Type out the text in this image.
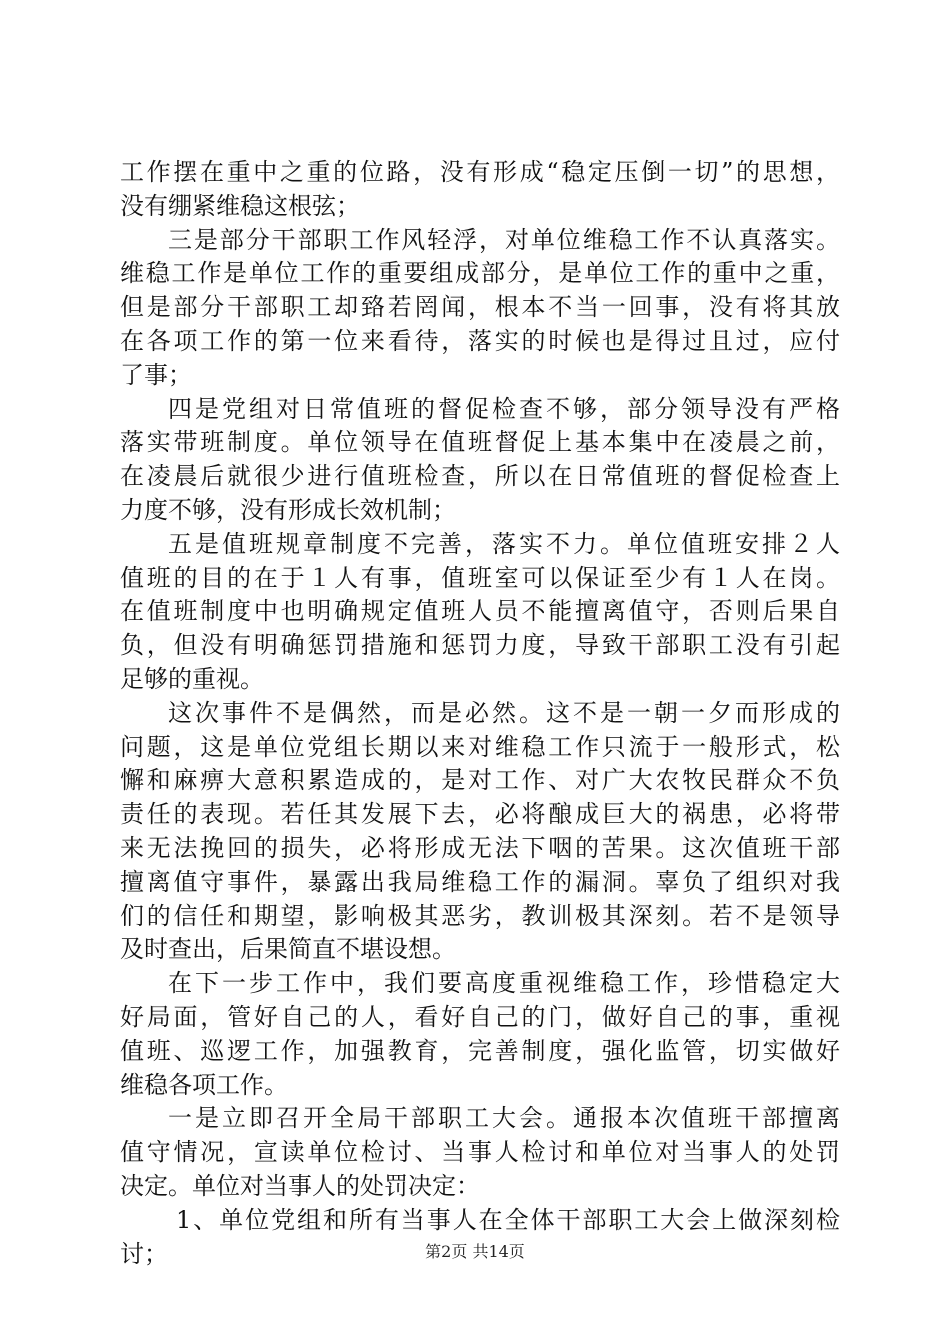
工作摆在重中之重的位路，没有形成“稳定压倒一切”的思想，
没有绷紧维稳这根弦；
三是部分干部职工作风轻浮，对单位维稳工作不认真落实。
维稳工作是单位工作的重要组成部分，是单位工作的重中之重，
但是部分干部职工却臵若罔闻，根本不当一回事，没有将其放
在各项工作的第一位来看待，落实的时候也是得过且过，应付
了事；
四是党组对日常值班的督促检查不够，部分领导没有严格
落实带班制度。单位领导在值班督促上基本集中在凌晨之前，
在凌晨后就很少进行值班检查，所以在日常值班的督促检查上
力度不够，没有形成长效机制；
五是值班规章制度不完善，落实不力。单位值班安排２人
值班的目的在于１人有事，值班室可以保证至少有１人在岗。
在值班制度中也明确规定值班人员不能擅离值守，否则后果自
负，但没有明确惩罚措施和惩罚力度，导致干部职工没有引起
足够的重视。
这次事件不是偶然，而是必然。这不是一朝一夕而形成的
问题，这是单位党组长期以来对维稳工作只流于一般形式，松
懈和麻痹大意积累造成的，是对工作、对广大农牧民群众不负
责任的表现。若任其发展下去，必将酿成巨大的祸患，必将带
来无法挽回的损失，必将形成无法下咽的苦果。这次值班干部
擅离值守事件，暴露出我局维稳工作的漏洞。辜负了组织对我
们的信任和期望，影响极其恶劣，教训极其深刻。若不是领导
及时查出，后果简直不堪设想。
在下一步工作中，我们要高度重视维稳工作，珍惜稳定大
好局面，管好自己的人，看好自己的门，做好自己的事，重视
值班、巡逻工作，加强教育，完善制度，强化监管，切实做好
维稳各项工作。
一是立即召开全局干部职工大会。通报本次值班干部擅离
值守情况，宣读单位检讨、当事人检讨和单位对当事人的处罚
决定。单位对当事人的处罚决定：
1、单位党组和所有当事人在全体干部职工大会上做深刻检
讨；	第2页 共14页
